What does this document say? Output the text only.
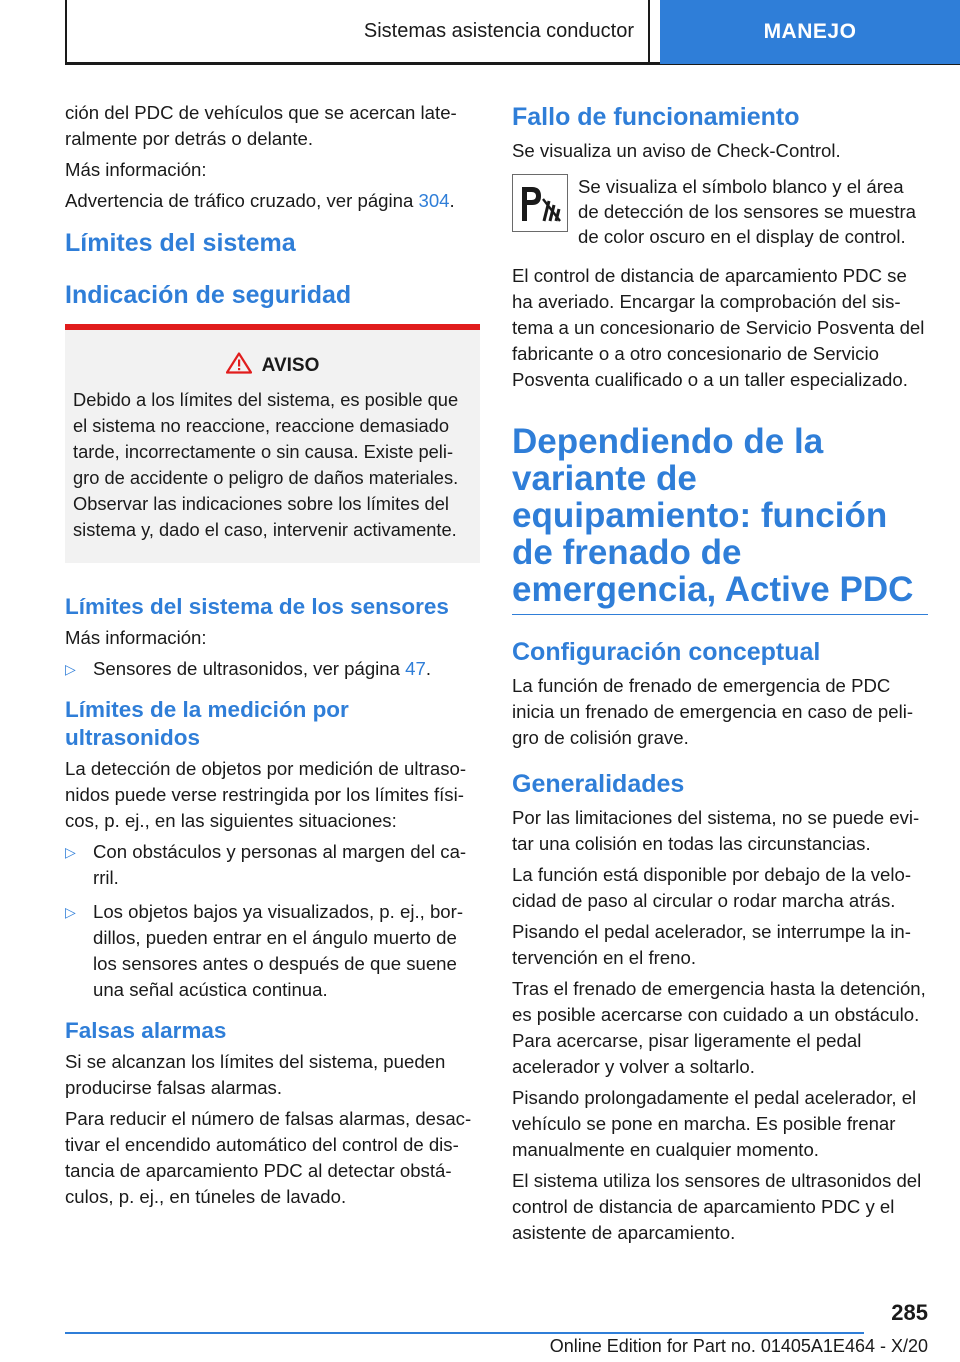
Sistemas asistencia conductor	MANEJO

ción del PDC de vehículos que se acercan lateralmente por detrás o delante.

Más información:

Advertencia de tráfico cruzado, ver página 304.

Límites del sistema
Indicación de seguridad
AVISO

Debido a los límites del sistema, es posible que el sistema no reaccione, reaccione demasiado tarde, incorrectamente o sin causa. Existe peligro de accidente o peligro de daños materiales. Observar las indicaciones sobre los límites del sistema y, dado el caso, intervenir activamente.

Límites del sistema de los sensores

Más información:

▷ Sensores de ultrasonidos, ver página 47.
Límites de la medición por ultrasonidos

La detección de objetos por medición de ultrasonidos puede verse restringida por los límites físicos, p. ej., en las siguientes situaciones:

▷ Con obstáculos y personas al margen del carril.
▷ Los objetos bajos ya visualizados, p. ej., bordillos, pueden entrar en el ángulo muerto de los sensores antes o después de que suene una señal acústica continua.
Falsas alarmas

Si se alcanzan los límites del sistema, pueden producirse falsas alarmas.

Para reducir el número de falsas alarmas, desactivar el encendido automático del control de distancia de aparcamiento PDC al detectar obstáculos, p. ej., en túneles de lavado.

Fallo de funcionamiento

Se visualiza un aviso de Check-Control.

Se visualiza el símbolo blanco y el área de detección de los sensores se muestra de color oscuro en el display de control.

El control de distancia de aparcamiento PDC se ha averiado. Encargar la comprobación del sistema a un concesionario de Servicio Posventa del fabricante o a otro concesionario de Servicio Posventa cualificado o a un taller especializado.

Dependiendo de la variante de equipamiento: función de frenado de emergencia, Active PDC
Configuración conceptual

La función de frenado de emergencia de PDC inicia un frenado de emergencia en caso de peligro de colisión grave.

Generalidades

Por las limitaciones del sistema, no se puede evitar una colisión en todas las circunstancias.

La función está disponible por debajo de la velocidad de paso al circular o rodar marcha atrás.

Pisando el pedal acelerador, se interrumpe la intervención en el freno.

Tras el frenado de emergencia hasta la detención, es posible acercarse con cuidado a un obstáculo. Para acercarse, pisar ligeramente el pedal acelerador y volver a soltarlo.

Pisando prolongadamente el pedal acelerador, el vehículo se pone en marcha. Es posible frenar manualmente en cualquier momento.

El sistema utiliza los sensores de ultrasonidos del control de distancia de aparcamiento PDC y el asistente de aparcamiento.

285
Online Edition for Part no. 01405A1E464 - X/20
